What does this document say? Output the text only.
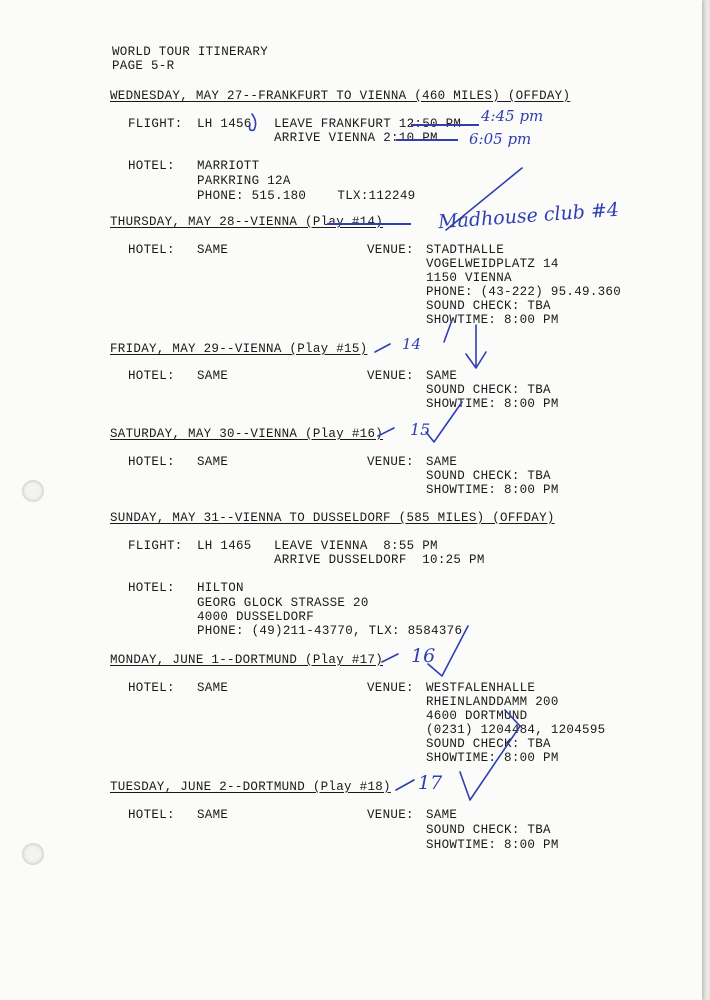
WORLD TOUR ITINERARY
PAGE 5-R
WEDNESDAY, MAY 27--FRANKFURT TO VIENNA (460 MILES) (OFFDAY)
FLIGHT: LH 1456 LEAVE FRANKFURT 12:50 PM
ARRIVE VIENNA 2:10 PM
HOTEL: MARRIOTT
PARKRING 12A
PHONE: 515.180    TLX:112249
THURSDAY, MAY 28--VIENNA (Play #14)
HOTEL: SAME	VENUE: STADTHALLE
VOGELWEIDPLATZ 14
1150 VIENNA
PHONE: (43-222) 95.49.360
SOUND CHECK: TBA
SHOWTIME: 8:00 PM
FRIDAY, MAY 29--VIENNA (Play #15)
HOTEL: SAME	VENUE: SAME
SOUND CHECK: TBA
SHOWTIME: 8:00 PM
SATURDAY, MAY 30--VIENNA (Play #16)
HOTEL: SAME	VENUE: SAME
SOUND CHECK: TBA
SHOWTIME: 8:00 PM
SUNDAY, MAY 31--VIENNA TO DUSSELDORF (585 MILES) (OFFDAY)
FLIGHT: LH 1465 LEAVE VIENNA  8:55 PM
ARRIVE DUSSELDORF  10:25 PM
HOTEL: HILTON
GEORG GLOCK STRASSE 20
4000 DUSSELDORF
PHONE: (49)211-43770, TLX: 8584376
MONDAY, JUNE 1--DORTMUND (Play #17)
HOTEL: SAME	VENUE: WESTFALENHALLE
RHEINLANDDAMM 200
4600 DORTMUND
(0231) 1204484, 1204595
SOUND CHECK: TBA
SHOWTIME: 8:00 PM
TUESDAY, JUNE 2--DORTMUND (Play #18)
HOTEL: SAME	VENUE: SAME
SOUND CHECK: TBA
SHOWTIME: 8:00 PM
4:45 pm
6:05 pm
Madhouse club #4
14
15
16
17
